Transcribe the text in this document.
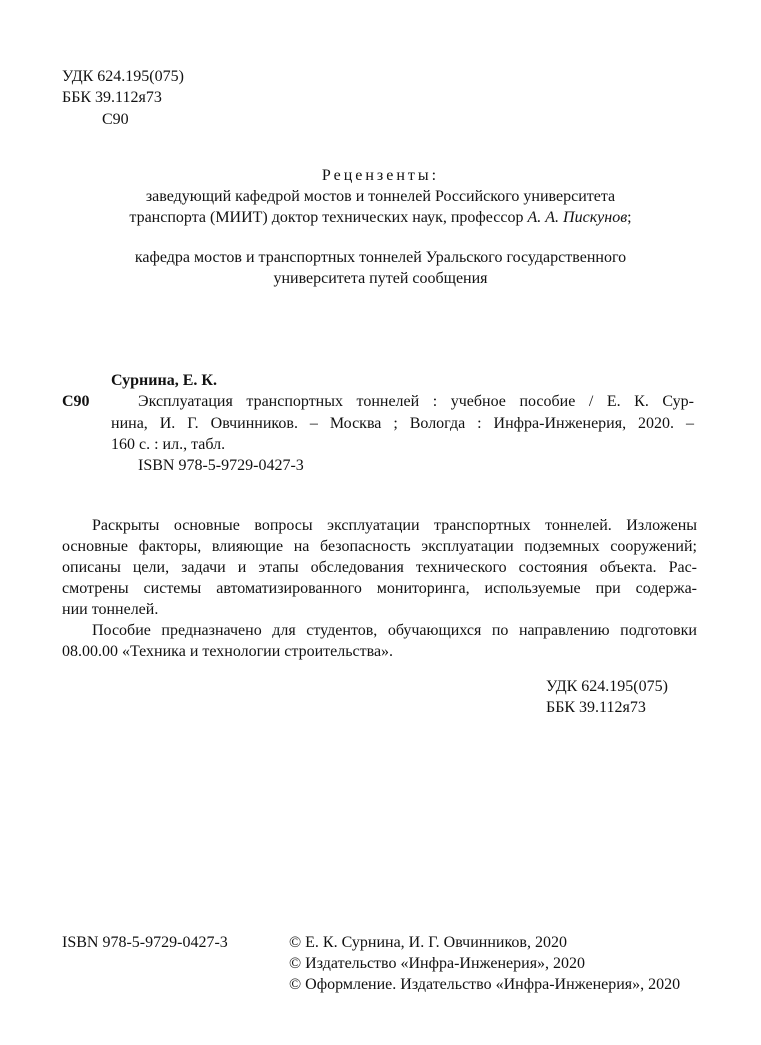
УДК 624.195(075)
ББК 39.112я73
С90
Рецензенты:
заведующий кафедрой мостов и тоннелей Российского университета
транспорта (МИИТ) доктор технических наук, профессор А. А. Пискунов;
кафедра мостов и транспортных тоннелей Уральского государственного
университета путей сообщения
Сурнина, Е. К.
С90	Эксплуатация транспортных тоннелей : учебное пособие / Е. К. Сур-
нина, И. Г. Овчинников. – Москва ; Вологда : Инфра-Инженерия, 2020. –
160 с. : ил., табл.
ISBN 978-5-9729-0427-3
Раскрыты основные вопросы эксплуатации транспортных тоннелей. Изложены
основные факторы, влияющие на безопасность эксплуатации подземных сооружений;
описаны цели, задачи и этапы обследования технического состояния объекта. Рас-
смотрены системы автоматизированного мониторинга, используемые при содержа-
нии тоннелей.
Пособие предназначено для студентов, обучающихся по направлению подготовки
08.00.00 «Техника и технологии строительства».
УДК 624.195(075)
ББК 39.112я73
ISBN 978-5-9729-0427-3	© Е. К. Сурнина, И. Г. Овчинников, 2020
© Издательство «Инфра-Инженерия», 2020
© Оформление. Издательство «Инфра-Инженерия», 2020
